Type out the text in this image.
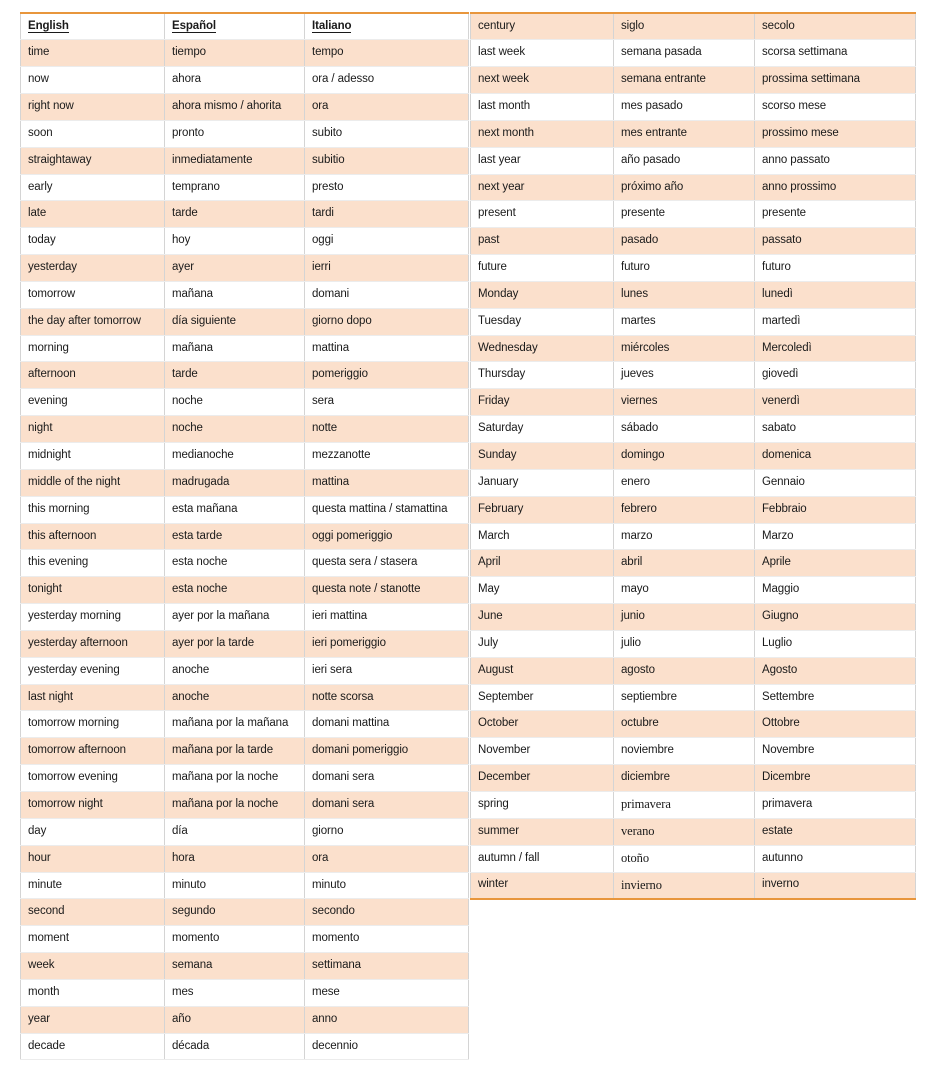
English	Español	Italiano
time	tiempo	tempo
now	ahora	ora / adesso
right now	ahora mismo / ahorita	ora
soon	pronto	subito
straightaway	inmediatamente	subitio
early	temprano	presto
late	tarde	tardi
today	hoy	oggi
yesterday	ayer	ierri
tomorrow	mañana	domani
the day after tomorrow	día siguiente	giorno dopo
morning	mañana	mattina
afternoon	tarde	pomeriggio
evening	noche	sera
night	noche	notte
midnight	medianoche	mezzanotte
middle of the night	madrugada	mattina
this morning	esta mañana	questa mattina / stamattina
this afternoon	esta tarde	oggi pomeriggio
this evening	esta noche	questa sera / stasera
tonight	esta noche	questa note / stanotte
yesterday morning	ayer por la mañana	ieri mattina
yesterday afternoon	ayer por la tarde	ieri pomeriggio
yesterday evening	anoche	ieri sera
last night	anoche	notte scorsa
tomorrow morning	mañana por la mañana	domani mattina
tomorrow afternoon	mañana por la tarde	domani pomeriggio
tomorrow evening	mañana por la noche	domani sera
tomorrow night	mañana por la noche	domani sera
day	día	giorno
hour	hora	ora
minute	minuto	minuto
second	segundo	secondo
moment	momento	momento
week	semana	settimana
month	mes	mese
year	año	anno
decade	década	decennio
century	siglo	secolo
last week	semana pasada	scorsa settimana
next week	semana entrante	prossima settimana
last month	mes pasado	scorso mese
next month	mes entrante	prossimo mese
last year	año pasado	anno passato
next year	próximo año	anno prossimo
present	presente	presente
past	pasado	passato
future	futuro	futuro
Monday	lunes	lunedì
Tuesday	martes	martedì
Wednesday	miércoles	Mercoledì
Thursday	jueves	giovedì
Friday	viernes	venerdì
Saturday	sábado	sabato
Sunday	domingo	domenica
January	enero	Gennaio
February	febrero	Febbraio
March	marzo	Marzo
April	abril	Aprile
May	mayo	Maggio
June	junio	Giugno
July	julio	Luglio
August	agosto	Agosto
September	septiembre	Settembre
October	octubre	Ottobre
November	noviembre	Novembre
December	diciembre	Dicembre
spring	primavera	primavera
summer	verano	estate
autumn / fall	otoño	autunno
winter	invierno	inverno
